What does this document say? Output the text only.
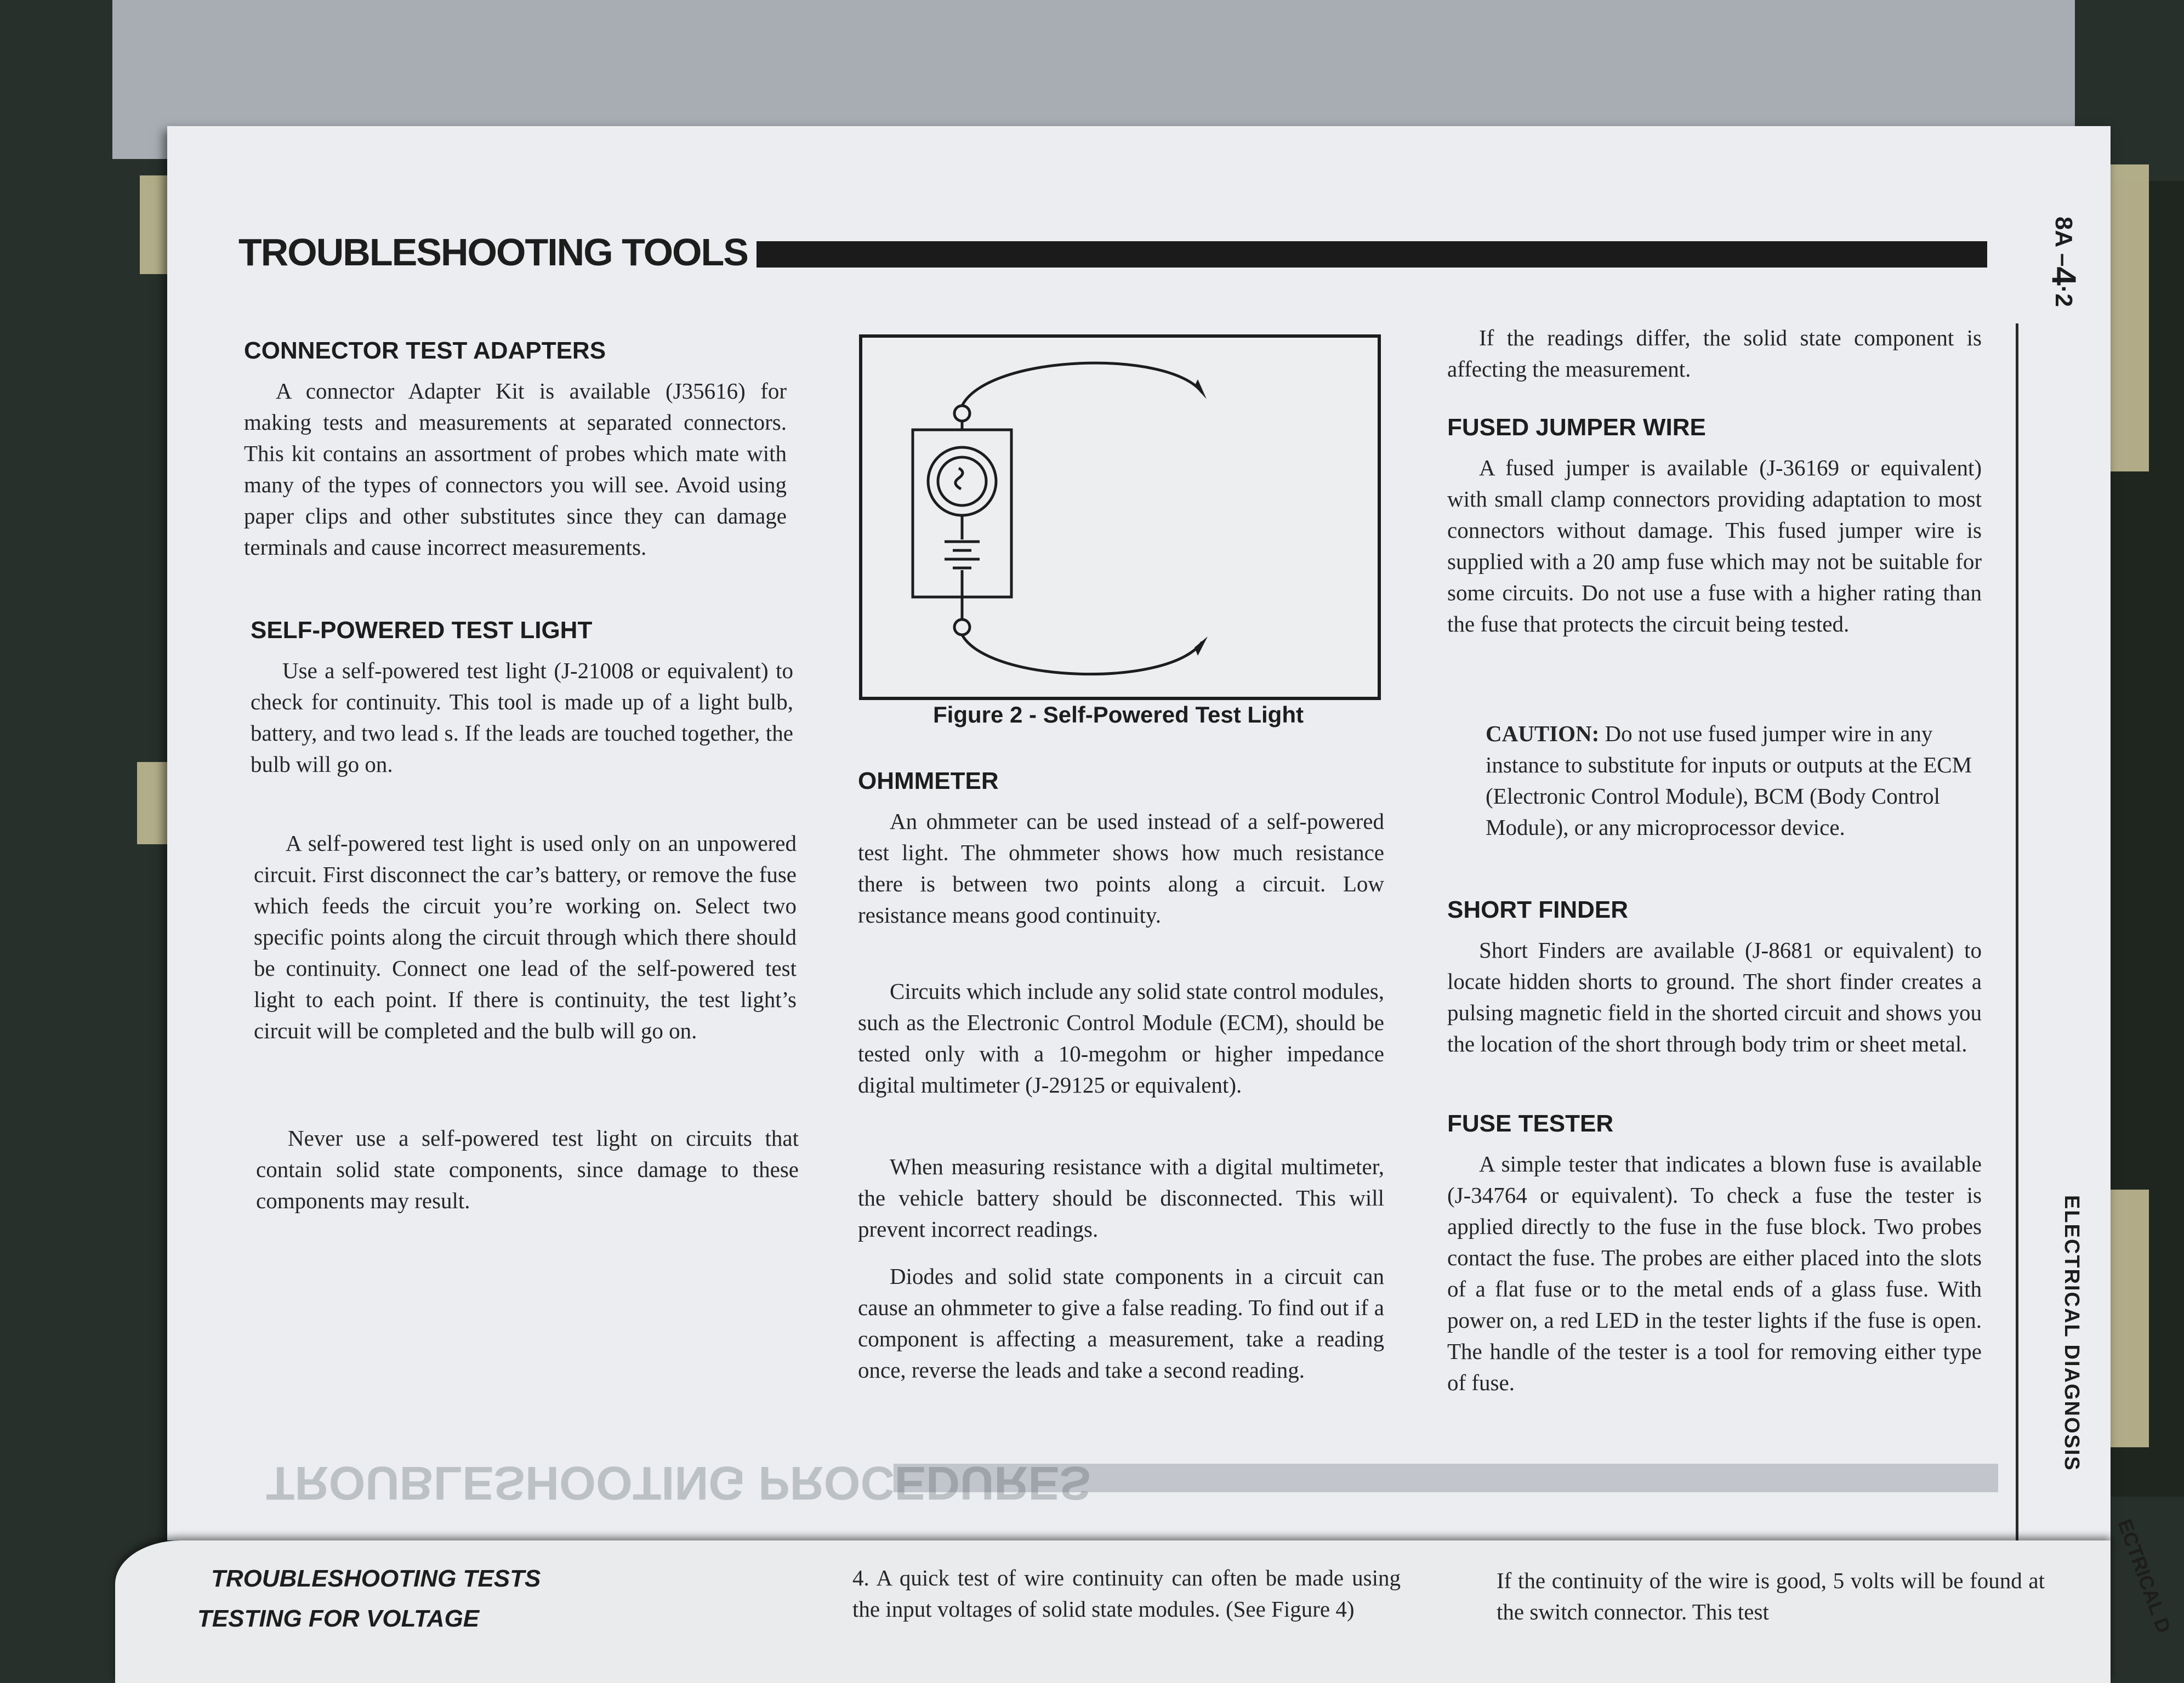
TROUBLESHOOTING TOOLS	8A –4·2
ELECTRICAL DIAGNOSIS
CONNECTOR TEST ADAPTERS

A connector Adapter Kit is available (J35616) for making tests and measurements at separated connectors. This kit contains an assortment of probes which mate with many of the types of connectors you will see. Avoid using paper clips and other substitutes since they can damage terminals and cause incorrect measurements.

SELF-POWERED TEST LIGHT

Use a self-powered test light (J-21008 or equivalent) to check for continuity. This tool is made up of a light bulb, battery, and two lead s. If the leads are touched together, the bulb will go on.

A self-powered test light is used only on an unpowered circuit. First disconnect the car’s battery, or remove the fuse which feeds the circuit you’re working on. Select two specific points along the circuit through which there should be continuity. Connect one lead of the self-powered test light to each point. If there is continuity, the test light’s circuit will be completed and the bulb will go on.

Never use a self-powered test light on circuits that contain solid state components, since damage to these components may result.

Figure 2 - Self-Powered Test Light
OHMMETER

An ohmmeter can be used instead of a self-powered test light. The ohmmeter shows how much resistance there is between two points along a circuit. Low resistance means good continuity.

Circuits which include any solid state control modules, such as the Electronic Control Module (ECM), should be tested only with a 10-megohm or higher impedance digital multimeter (J-29125 or equivalent).

When measuring resistance with a digital multimeter, the vehicle battery should be disconnected. This will prevent incorrect readings.

Diodes and solid state components in a circuit can cause an ohmmeter to give a false reading. To find out if a component is affecting a measurement, take a reading once, reverse the leads and take a second reading.

If the readings differ, the solid state component is affecting the measurement.

FUSED JUMPER WIRE

A fused jumper is available (J-36169 or equivalent) with small clamp connectors providing adaptation to most connectors without damage. This fused jumper wire is supplied with a 20 amp fuse which may not be suitable for some circuits. Do not use a fuse with a higher rating than the fuse that protects the circuit being tested.

CAUTION: Do not use fused jumper wire in any instance to substitute for inputs or outputs at the ECM (Electronic Control Module), BCM (Body Control Module), or any microprocessor device.
SHORT FINDER

Short Finders are available (J-8681 or equivalent) to locate hidden shorts to ground. The short finder creates a pulsing magnetic field in the shorted circuit and shows you the location of the short through body trim or sheet metal.

FUSE TESTER

A simple tester that indicates a blown fuse is available (J-34764 or equivalent). To check a fuse the tester is applied directly to the fuse in the fuse block. Two probes contact the fuse. The probes are either placed into the slots of a flat fuse or to the metal ends of a glass fuse. With power on, a red LED in the tester lights if the fuse is open. The handle of the tester is a tool for removing either type of fuse.

TROUBLESHOOTING PROCEDURES
TROUBLESHOOTING TESTS
TESTING FOR VOLTAGE
4. A quick test of wire continuity can often be made using the input voltages of solid state modules. (See Figure 4)
If the continuity of the wire is good, 5 volts will be found at the switch connector. This test	ECTRICAL D
